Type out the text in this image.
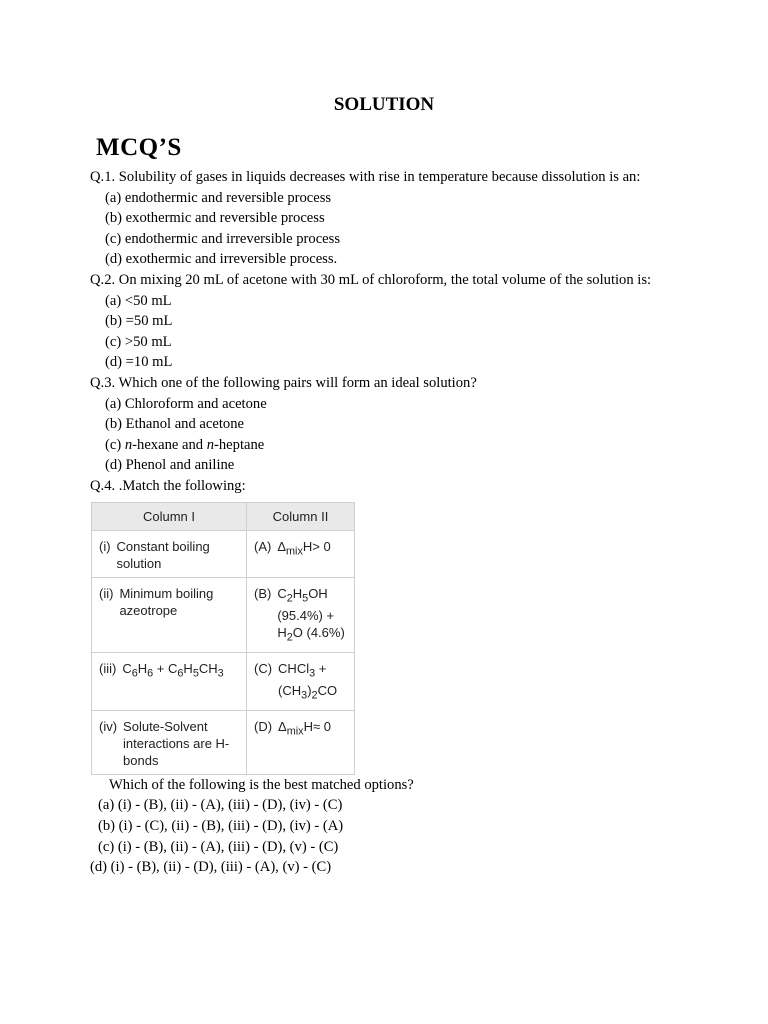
SOLUTION
MCQ’S
Q.1. Solubility of gases in liquids decreases with rise in temperature because dissolution is an:
(a) endothermic and reversible process
(b) exothermic and reversible process
(c) endothermic and irreversible process
(d) exothermic and irreversible process.
Q.2. On mixing 20 mL of acetone with 30 mL of chloroform, the total volume of the solution is:
(a) <50 mL
(b) =50 mL
(c) >50 mL
(d) =10 mL
Q.3. Which one of the following pairs will form an ideal solution?
(a) Chloroform and acetone
(b) Ethanol and acetone
(c) n-hexane and n-heptane
(d) Phenol and aniline
Q.4. .Match the following:
Column I	Column II

(i) Constant boiling solution	(A) $\Delta_{mix}H> 0$

(ii) Minimum boiling azeotrope	(B) $C_2H_5OH$
(95.4%) +
$H_2O$ (4.6%)

(iii) $C_6H_6 + C_6H_5CH_3$	(C) CHCl$_3$ +
$(CH_3)_2CO$

(iv) Solute-Solvent interactions are H-bonds	(D) $\Delta_{mix}H\approx 0$
Which of the following is the best matched options?
(a) (i) - (B), (ii) - (A), (iii) - (D), (iv) - (C)
(b) (i) - (C), (ii) - (B), (iii) - (D), (iv) - (A)
(c) (i) - (B), (ii) - (A), (iii) - (D), (v) - (C)
(d) (i) - (B), (ii) - (D), (iii) - (A), (v) - (C)
